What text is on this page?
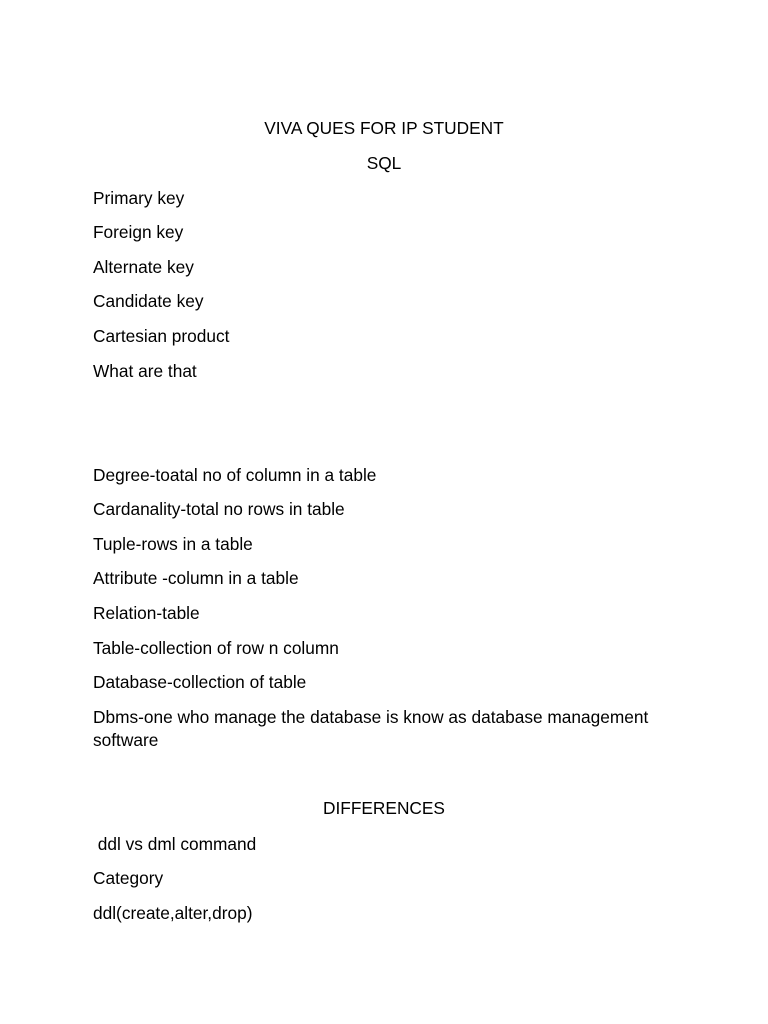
VIVA QUES FOR IP STUDENT
SQL
Primary key
Foreign key
Alternate key
Candidate key
Cartesian product
What are that
Degree-toatal no of column in a table
Cardanality-total no rows in table
Tuple-rows in a table
Attribute -column in a table
Relation-table
Table-collection of row n column
Database-collection of table
Dbms-one who manage the database is know as database management software
DIFFERENCES
ddl vs dml command
Category
ddl(create,alter,drop)
